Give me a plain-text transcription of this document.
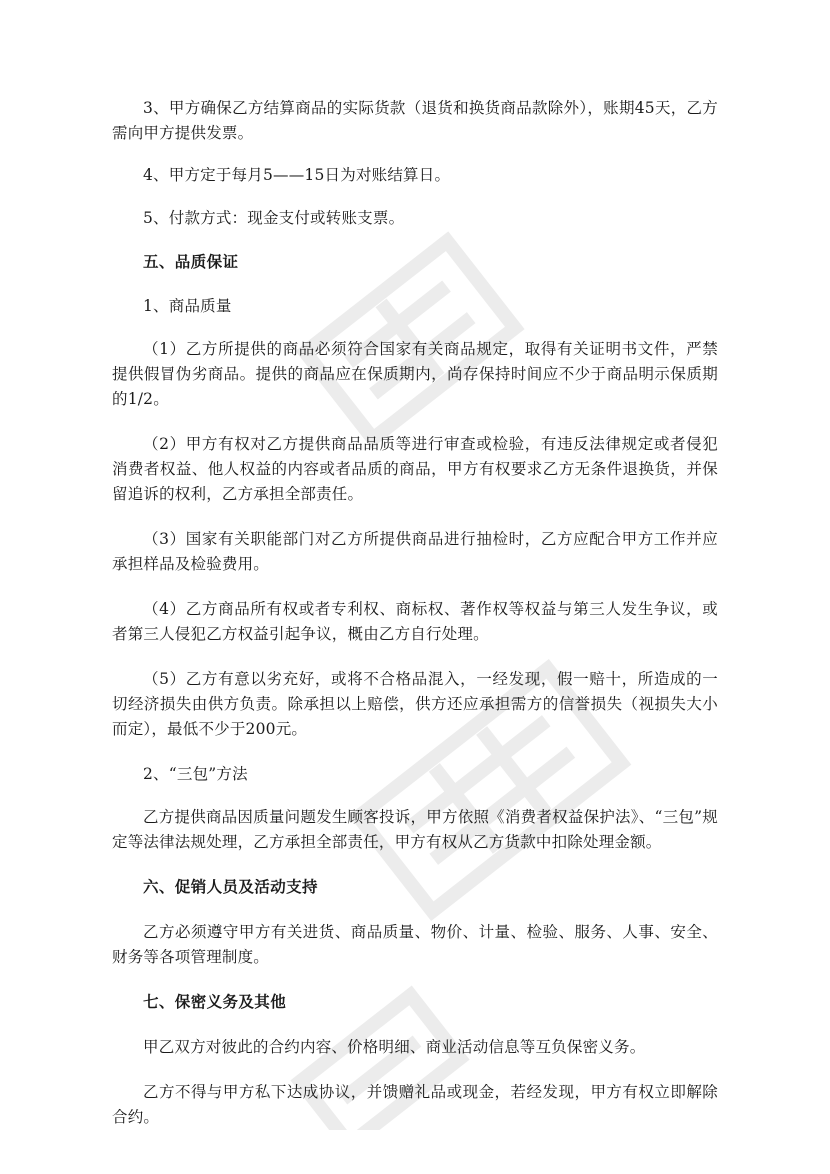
3、甲方确保乙方结算商品的实际货款（退货和换货商品款除外），账期45天，乙方需向甲方提供发票。

4、甲方定于每月5——15日为对账结算日。

5、付款方式：现金支付或转账支票。

五、品质保证

1、商品质量

（1）乙方所提供的商品必须符合国家有关商品规定，取得有关证明书文件，严禁提供假冒伪劣商品。提供的商品应在保质期内，尚存保持时间应不少于商品明示保质期的1/2。

（2）甲方有权对乙方提供商品品质等进行审查或检验，有违反法律规定或者侵犯消费者权益、他人权益的内容或者品质的商品，甲方有权要求乙方无条件退换货，并保留追诉的权利，乙方承担全部责任。

（3）国家有关职能部门对乙方所提供商品进行抽检时，乙方应配合甲方工作并应承担样品及检验费用。

（4）乙方商品所有权或者专利权、商标权、著作权等权益与第三人发生争议，或者第三人侵犯乙方权益引起争议，概由乙方自行处理。

（5）乙方有意以劣充好，或将不合格品混入，一经发现，假一赔十，所造成的一切经济损失由供方负责。除承担以上赔偿，供方还应承担需方的信誉损失（视损失大小而定），最低不少于200元。

2、“三包”方法

乙方提供商品因质量问题发生顾客投诉，甲方依照《消费者权益保护法》、“三包”规定等法律法规处理，乙方承担全部责任，甲方有权从乙方货款中扣除处理金额。

六、促销人员及活动支持

乙方必须遵守甲方有关进货、商品质量、物价、计量、检验、服务、人事、安全、财务等各项管理制度。

七、保密义务及其他

甲乙双方对彼此的合约内容、价格明细、商业活动信息等互负保密义务。

乙方不得与甲方私下达成协议，并馈赠礼品或现金，若经发现，甲方有权立即解除合约。
